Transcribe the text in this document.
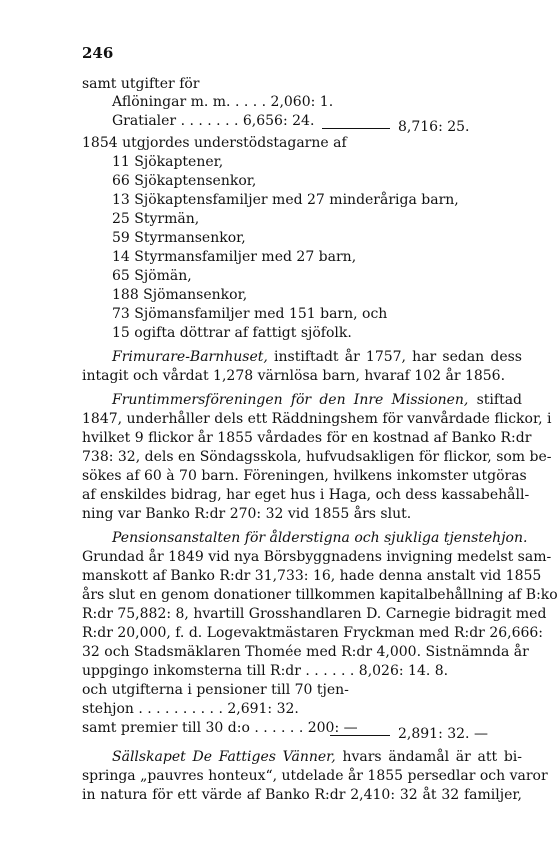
246
samt utgifter för
Aflöningar m. m. . . . . 2,060: 1.
Gratialer . . . . . . . 6,656: 24.	8,716: 25.
1854 utgjordes understödstagarne af
11 Sjökaptener,
66 Sjökaptensenkor,
13 Sjökaptensfamiljer med 27 minderåriga barn,
25 Styrmän,
59 Styrmansenkor,
14 Styrmansfamiljer med 27 barn,
65 Sjömän,
188 Sjömansenkor,
73 Sjömansfamiljer med 151 barn, och
15 ogifta döttrar af fattigt sjöfolk.
Frimurare-Barnhuset, instiftadt år 1757, har sedan dess
intagit och vårdat 1,278 värnlösa barn, hvaraf 102 år 1856.
Fruntimmersföreningen för den Inre Missionen, stiftad
1847, underhåller dels ett Räddningshem för vanvårdade flickor, i
hvilket 9 flickor år 1855 vårdades för en kostnad af Banko R:dr
738: 32, dels en Söndagsskola, hufvudsakligen för flickor, som be-
sökes af 60 à 70 barn. Föreningen, hvilkens inkomster utgöras
af enskildes bidrag, har eget hus i Haga, och dess kassabehåll-
ning var Banko R:dr 270: 32 vid 1855 års slut.
Pensionsanstalten för ålderstigna och sjukliga tjenstehjon.
Grundad år 1849 vid nya Börsbyggnadens invigning medelst sam-
manskott af Banko R:dr 31,733: 16, hade denna anstalt vid 1855
års slut en genom donationer tillkommen kapitalbehållning af B:ko
R:dr 75,882: 8, hvartill Grosshandlaren D. Carnegie bidragit med
R:dr 20,000, f. d. Logevaktmästaren Fryckman med R:dr 26,666:
32 och Stadsmäklaren Thomée med R:dr 4,000. Sistnämnda år
uppgingo inkomsterna till R:dr . . . . . . 8,026: 14. 8.
och utgifterna i pensioner till 70 tjen-
stehjon . . . . . . . . . . 2,691: 32.
samt premier till 30 d:o . . . . . . 200: —	2,891: 32. —
Sällskapet De Fattiges Vänner, hvars ändamål är att bi-
springa „pauvres honteux“, utdelade år 1855 persedlar och varor
in natura för ett värde af Banko R:dr 2,410: 32 åt 32 familjer,
